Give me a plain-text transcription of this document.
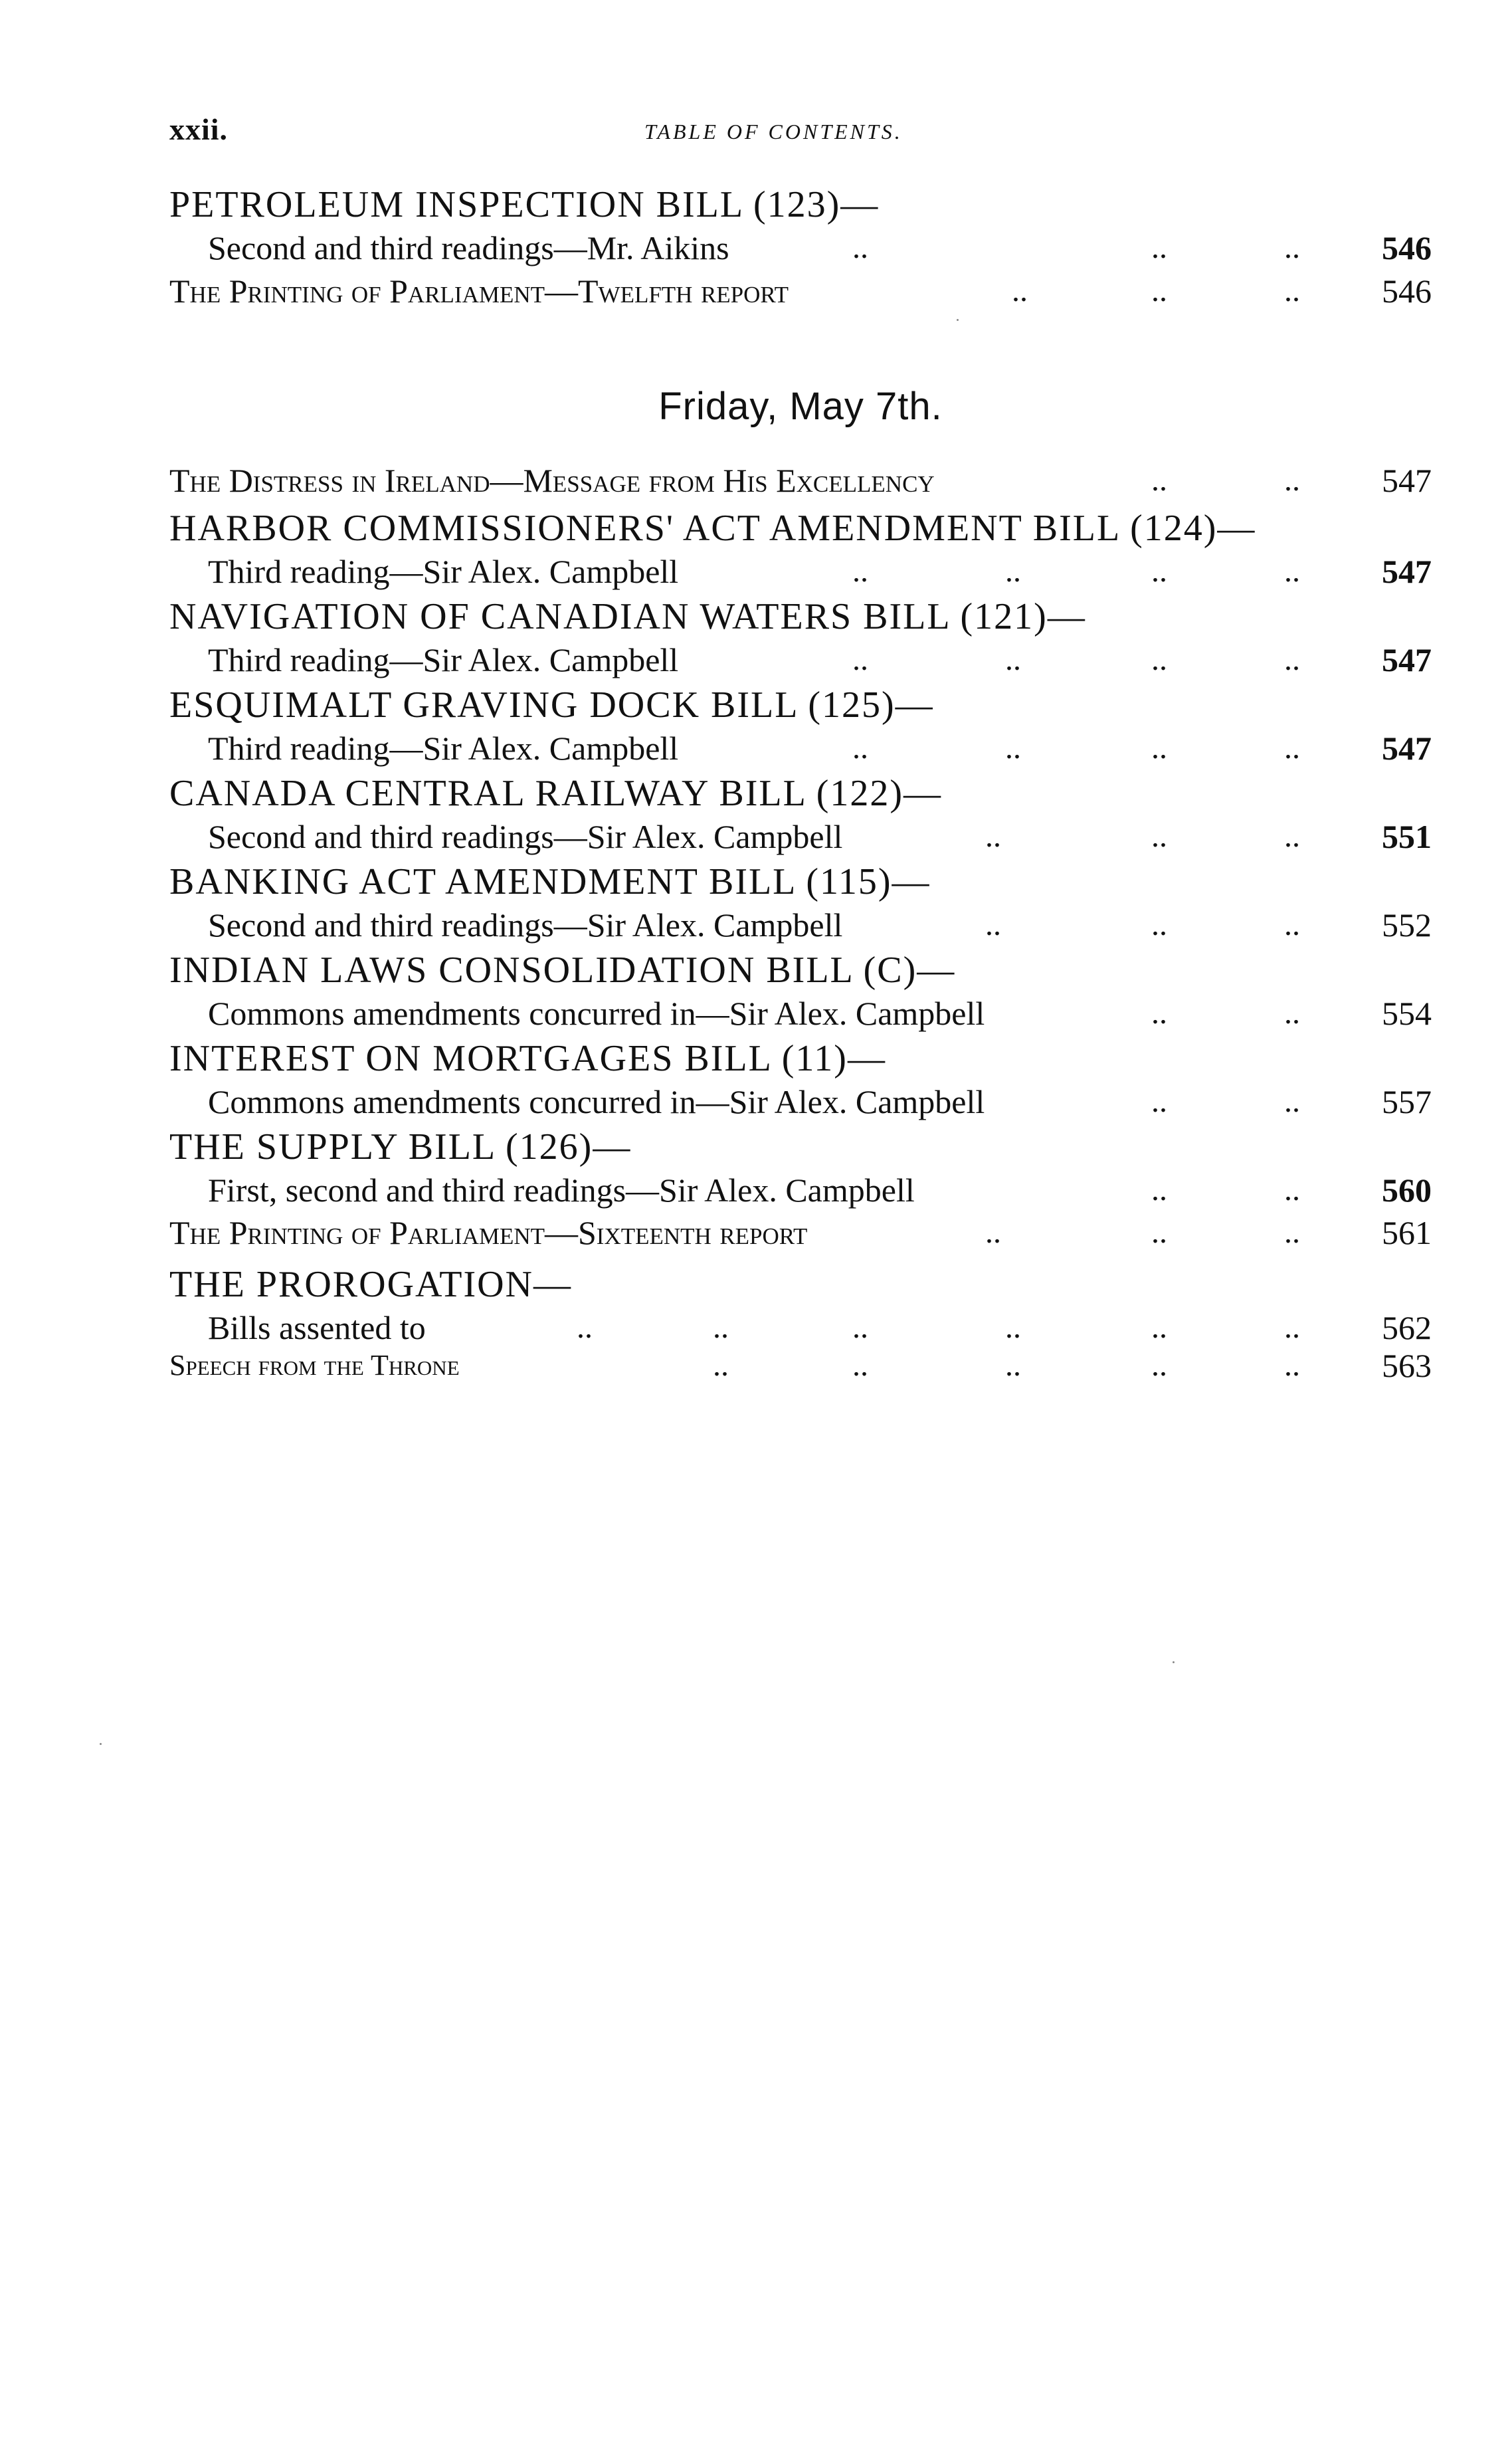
xxii.	TABLE OF CONTENTS.
PETROLEUM INSPECTION BILL (123)—
Second and third readings—Mr. Aikins	..	..	..	546
The Printing of Parliament—Twelfth report	..	..	..	546
Friday, May 7th.
The Distress in Ireland—Message from His Excellency	..	..	547
HARBOR COMMISSIONERS' ACT AMENDMENT BILL (124)—
Third reading—Sir Alex. Campbell	..	..	..	..	547
NAVIGATION OF CANADIAN WATERS BILL (121)—
Third reading—Sir Alex. Campbell	..	..	..	..	547
ESQUIMALT GRAVING DOCK BILL (125)—
Third reading—Sir Alex. Campbell	..	..	..	..	547
CANADA CENTRAL RAILWAY BILL (122)—
Second and third readings—Sir Alex. Campbell	..	..	..	551
BANKING ACT AMENDMENT BILL (115)—
Second and third readings—Sir Alex. Campbell	..	..	..	552
INDIAN LAWS CONSOLIDATION BILL (C)—
Commons amendments concurred in—Sir Alex. Campbell	..	..	554
INTEREST ON MORTGAGES BILL (11)—
Commons amendments concurred in—Sir Alex. Campbell	..	..	557
THE SUPPLY BILL (126)—
First, second and third readings—Sir Alex. Campbell	..	..	560
The Printing of Parliament—Sixteenth report	..	..	..	561
THE PROROGATION—
Bills assented to	..	..	..	..	..	..	562
Speech from the Throne	..	..	..	..	..	563
